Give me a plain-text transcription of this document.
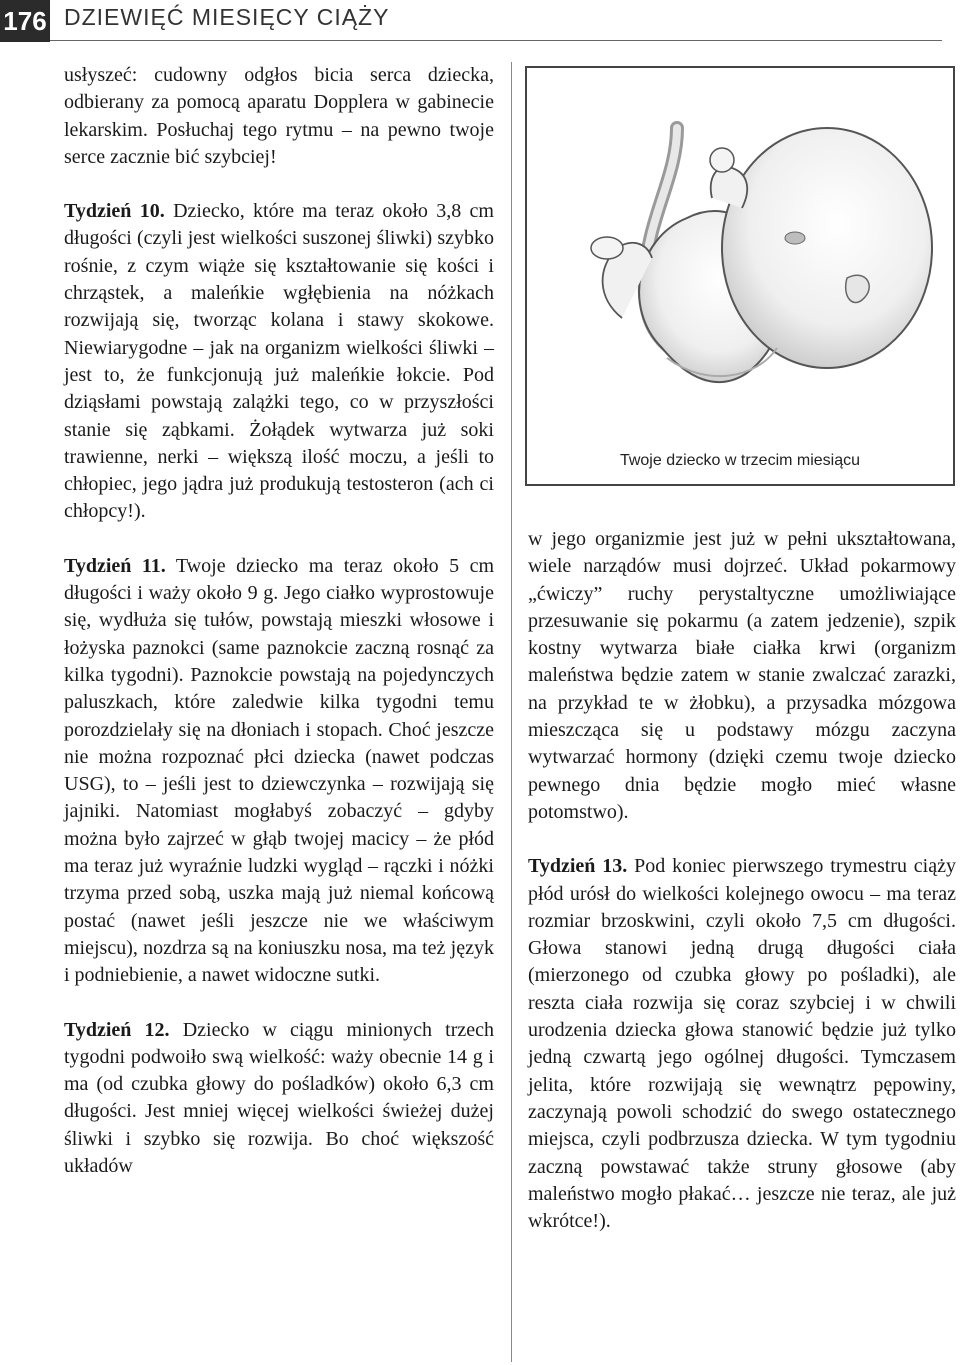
176 DZIEWIĘĆ MIESIĘCY CIĄŻY

usłyszeć: cudowny odgłos bicia serca dziecka, odbierany za pomocą aparatu Dopplera w gabinecie lekarskim. Posłuchaj tego rytmu – na pewno twoje serce zacznie bić szybciej!

Tydzień 10. Dziecko, które ma teraz około 3,8 cm długości (czyli jest wielkości suszonej śliwki) szybko rośnie, z czym wiąże się kształtowanie się kości i chrząstek, a maleńkie wgłębienia na nóżkach rozwijają się, tworząc kolana i stawy skokowe. Niewiarygodne – jak na organizm wielkości śliwki – jest to, że funkcjonują już maleńkie łokcie. Pod dziąsłami powstają zalążki tego, co w przyszłości stanie się ząbkami. Żołądek wytwarza już soki trawienne, nerki – większą ilość moczu, a jeśli to chłopiec, jego jądra już produkują testosteron (ach ci chłopcy!).

Tydzień 11. Twoje dziecko ma teraz około 5 cm długości i waży około 9 g. Jego ciałko wyprostowuje się, wydłuża się tułów, powstają mieszki włosowe i łożyska paznokci (same paznokcie zaczną rosnąć za kilka tygodni). Paznokcie powstają na pojedynczych paluszkach, które zaledwie kilka tygodni temu porozdzielały się na dłoniach i stopach. Choć jeszcze nie można rozpoznać płci dziecka (nawet podczas USG), to – jeśli jest to dziewczynka – rozwijają się jajniki. Natomiast mogłabyś zobaczyć – gdyby można było zajrzeć w głąb twojej macicy – że płód ma teraz już wyraźnie ludzki wygląd – rączki i nóżki trzyma przed sobą, uszka mają już niemal końcową postać (nawet jeśli jeszcze nie we właściwym miejscu), nozdrza są na koniuszku nosa, ma też język i podniebienie, a nawet widoczne sutki.

Tydzień 12. Dziecko w ciągu minionych trzech tygodni podwoiło swą wielkość: waży obecnie 14 g i ma (od czubka głowy do pośladków) około 6,3 cm długości. Jest mniej więcej wielkości świeżej dużej śliwki i szybko się rozwija. Bo choć większość układów

Twoje dziecko w trzecim miesiącu

w jego organizmie jest już w pełni ukształtowana, wiele narządów musi dojrzeć. Układ pokarmowy „ćwiczy” ruchy perystaltyczne umożliwiające przesuwanie się pokarmu (a zatem jedzenie), szpik kostny wytwarza białe ciałka krwi (organizm maleństwa będzie zatem w stanie zwalczać zarazki, na przykład te w żłobku), a przysadka mózgowa mieszcząca się u podstawy mózgu zaczyna wytwarzać hormony (dzięki czemu twoje dziecko pewnego dnia będzie mogło mieć własne potomstwo).

Tydzień 13. Pod koniec pierwszego trymestru ciąży płód urósł do wielkości kolejnego owocu – ma teraz rozmiar brzoskwini, czyli około 7,5 cm długości. Głowa stanowi jedną drugą długości ciała (mierzonego od czubka głowy po pośladki), ale reszta ciała rozwija się coraz szybciej i w chwili urodzenia dziecka głowa stanowić będzie już tylko jedną czwartą jego ogólnej długości. Tymczasem jelita, które rozwijają się wewnątrz pępowiny, zaczynają powoli schodzić do swego ostatecznego miejsca, czyli podbrzusza dziecka. W tym tygodniu zaczną powstawać także struny głosowe (aby maleństwo mogło płakać… jeszcze nie teraz, ale już wkrótce!).
